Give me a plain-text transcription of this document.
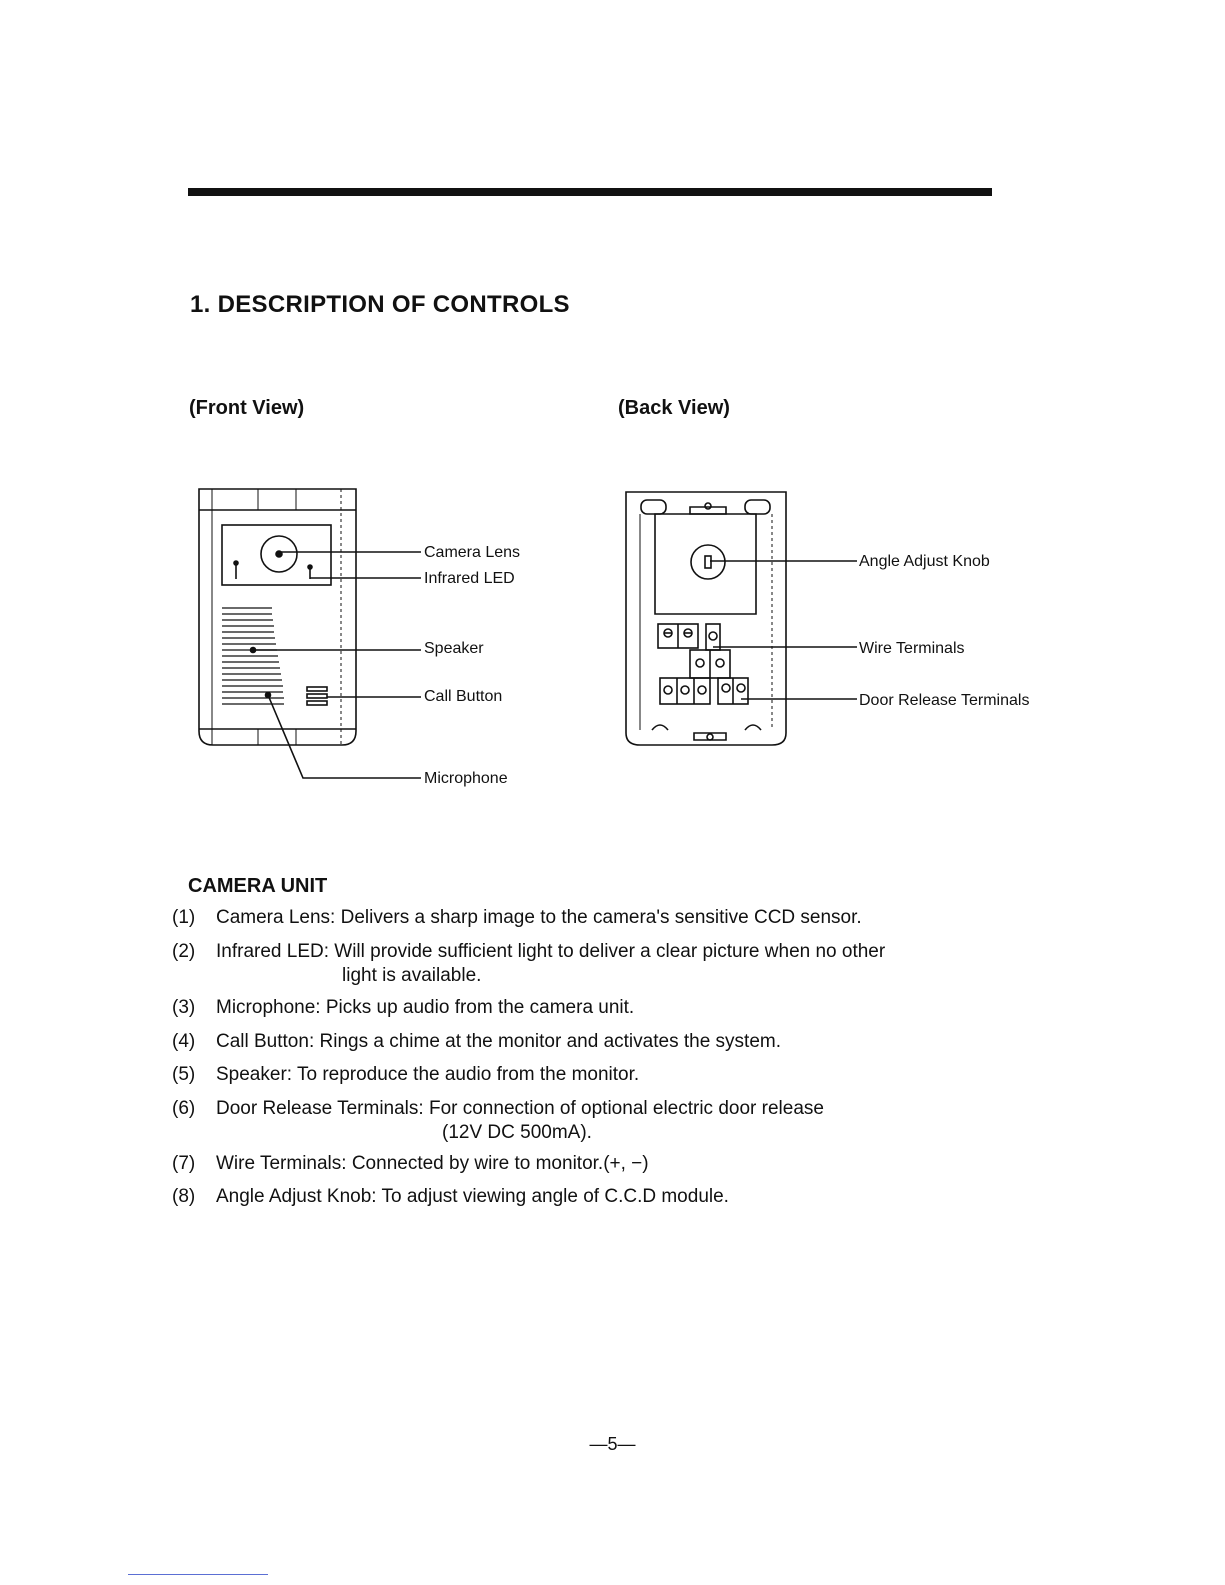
1. DESCRIPTION OF CONTROLS
(Front View)	(Back View)
Camera Lens
Infrared LED
Speaker
Call Button
Microphone
Angle Adjust Knob
Wire Terminals
Door Release Terminals
CAMERA UNIT
(1) Camera Lens: Delivers a sharp image to the camera's sensitive CCD sensor.
(2) Infrared LED: Will provide sufficient light to deliver a clear picture when no other
light is available.
(3) Microphone: Picks up audio from the camera unit.
(4) Call Button: Rings a chime at the monitor and activates the system.
(5) Speaker: To reproduce the audio from the monitor.
(6) Door Release Terminals: For connection of optional electric door release
(12V DC 500mA).
(7) Wire Terminals: Connected by wire to monitor.(+, −)
(8) Angle Adjust Knob: To adjust viewing angle of C.C.D module.
—5—
